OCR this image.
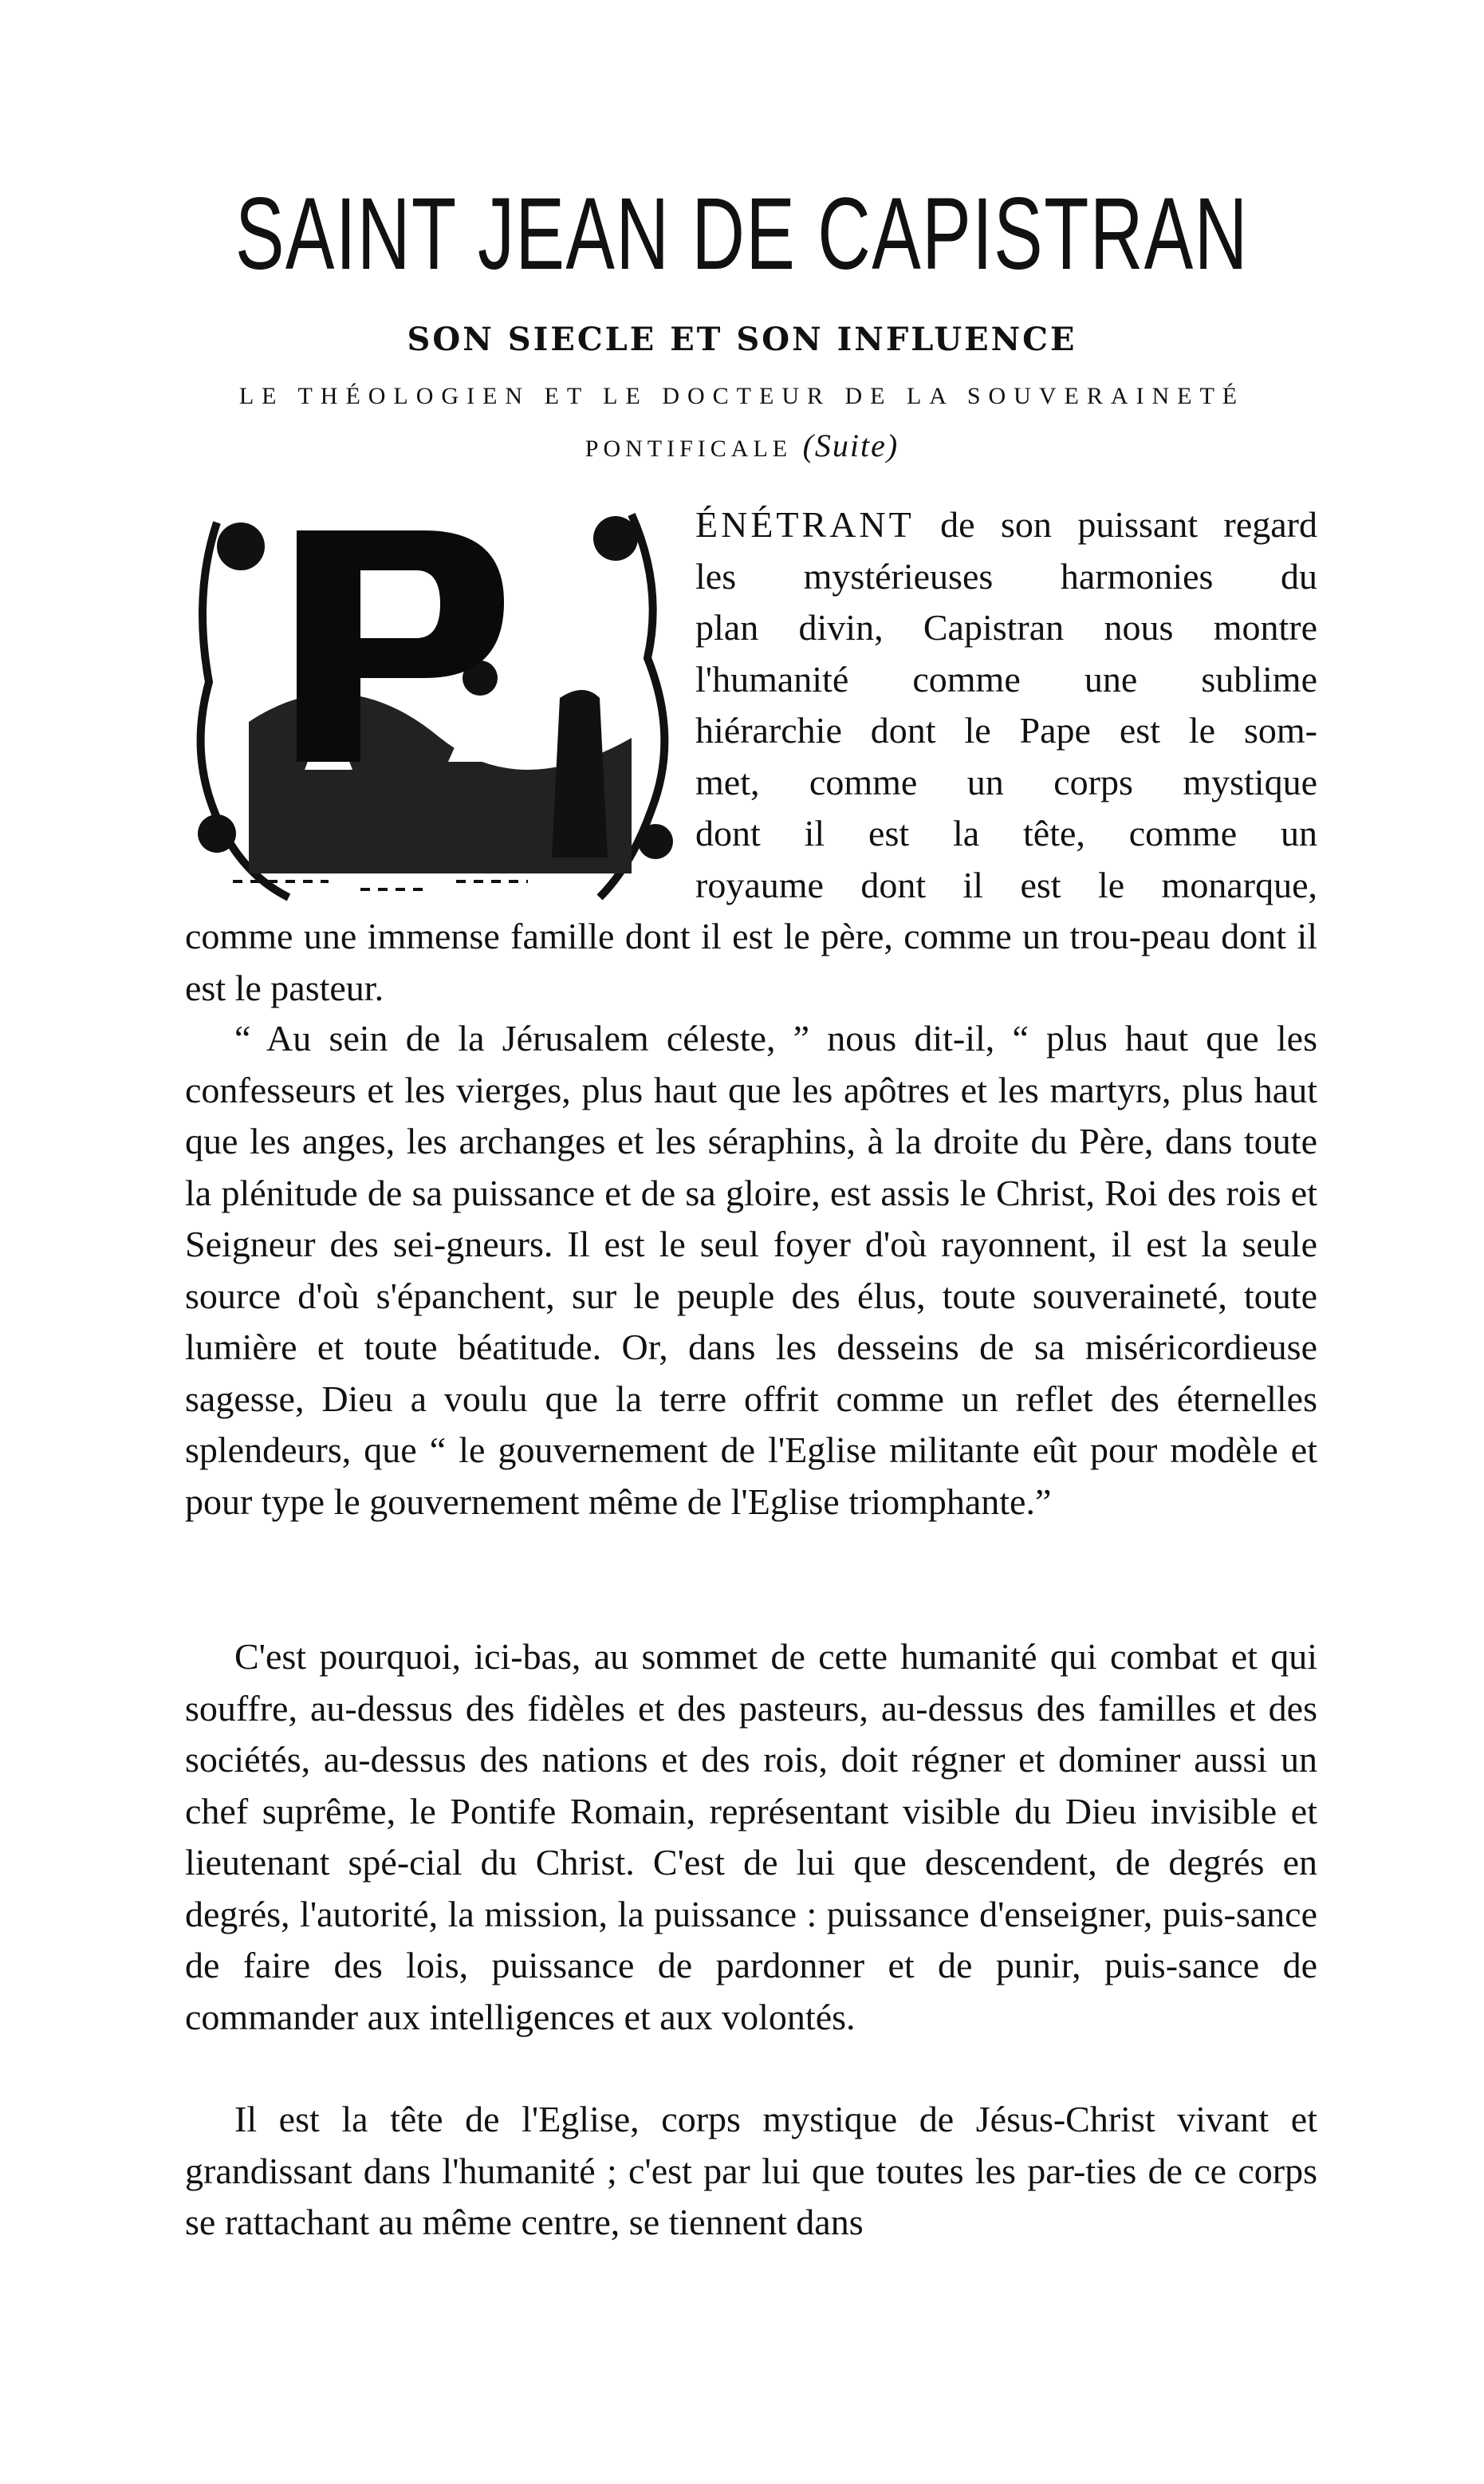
SAINT JEAN DE CAPISTRAN
SON SIECLE ET SON INFLUENCE
LE THÉOLOGIEN ET LE DOCTEUR DE LA SOUVERAINETÉ
PONTIFICALE (Suite)
ÉNÉTRANT de son puissant regard
les mystérieuses harmonies du
plan divin, Capistran nous montre
l'humanité comme une sublime
hiérarchie dont le Pape est le som-
met, comme un corps mystique
dont il est la tête, comme un
royaume dont il est le monarque,
comme une immense famille dont il est le père, comme un trou-peau dont il est le pasteur.
“ Au sein de la Jérusalem céleste, ” nous dit-il, “ plus haut que les confesseurs et les vierges, plus haut que les apôtres et les martyrs, plus haut que les anges, les archanges et les séraphins, à la droite du Père, dans toute la plénitude de sa puissance et de sa gloire, est assis le Christ, Roi des rois et Seigneur des sei-gneurs. Il est le seul foyer d'où rayonnent, il est la seule source d'où s'épanchent, sur le peuple des élus, toute souveraineté, toute lumière et toute béatitude. Or, dans les desseins de sa miséricordieuse sagesse, Dieu a voulu que la terre offrit comme un reflet des éternelles splendeurs, que “ le gouvernement de l'Eglise militante eût pour modèle et pour type le gouvernement même de l'Eglise triomphante.”
C'est pourquoi, ici-bas, au sommet de cette humanité qui combat et qui souffre, au-dessus des fidèles et des pasteurs, au-dessus des familles et des sociétés, au-dessus des nations et des rois, doit régner et dominer aussi un chef suprême, le Pontife Romain, représentant visible du Dieu invisible et lieutenant spé-cial du Christ. C'est de lui que descendent, de degrés en degrés, l'autorité, la mission, la puissance : puissance d'enseigner, puis-sance de faire des lois, puissance de pardonner et de punir, puis-sance de commander aux intelligences et aux volontés.
Il est la tête de l'Eglise, corps mystique de Jésus-Christ vivant et grandissant dans l'humanité ; c'est par lui que toutes les par-ties de ce corps se rattachant au même centre, se tiennent dans
